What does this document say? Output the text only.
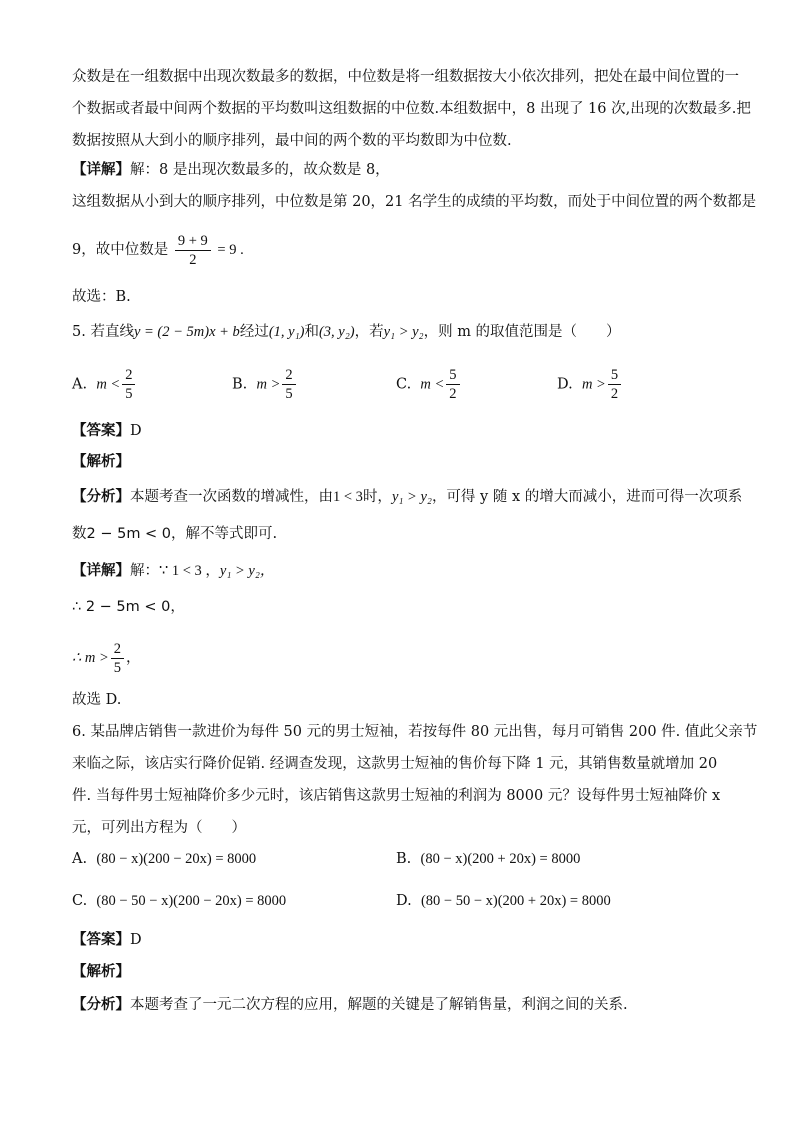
众数是在一组数据中出现次数最多的数据，中位数是将一组数据按大小依次排列，把处在最中间位置的一
个数据或者最中间两个数据的平均数叫这组数据的中位数.本组数据中，8 出现了 16 次,出现的次数最多.把
数据按照从大到小的顺序排列，最中间的两个数的平均数即为中位数.
【详解】解：8 是出现次数最多的，故众数是 8，
这组数据从小到大的顺序排列，中位数是第 20，21 名学生的成绩的平均数，而处于中间位置的两个数都是
9，故中位数是 $\frac{9 + 9}{2} = 9$ .
故选：B.
5. 若直线y = (2 − 5m)x + b经过(1, y₁)和(3, y₂)，若y₁ > y₂，则 m 的取值范围是（　　）
A. $m < \frac{2}{5}$	B. $m > \frac{2}{5}$	C. $m < \frac{5}{2}$	D. $m > \frac{5}{2}$
【答案】D
【解析】
【分析】本题考查一次函数的增减性，由1 < 3时，y₁ > y₂，可得 y 随 x 的增大而减小，进而可得一次项系
数2 − 5m < 0，解不等式即可.
【详解】解：∵ 1 < 3 ，y₁ > y₂，
∴ 2 − 5m < 0，
∴ $m > \frac{2}{5}$ ，
故选 D.
6. 某品牌店销售一款进价为每件 50 元的男士短袖，若按每件 80 元出售，每月可销售 200 件. 值此父亲节
来临之际，该店实行降价促销. 经调查发现，这款男士短袖的售价每下降 1 元，其销售数量就增加 20
件. 当每件男士短袖降价多少元时，该店销售这款男士短袖的利润为 8000 元？设每件男士短袖降价 x
元，可列出方程为（　　）
A. (80 − x)(200 − 20x) = 8000	B. (80 − x)(200 + 20x) = 8000
C. (80 − 50 − x)(200 − 20x) = 8000	D. (80 − 50 − x)(200 + 20x) = 8000
【答案】D
【解析】
【分析】本题考查了一元二次方程的应用，解题的关键是了解销售量，利润之间的关系.
